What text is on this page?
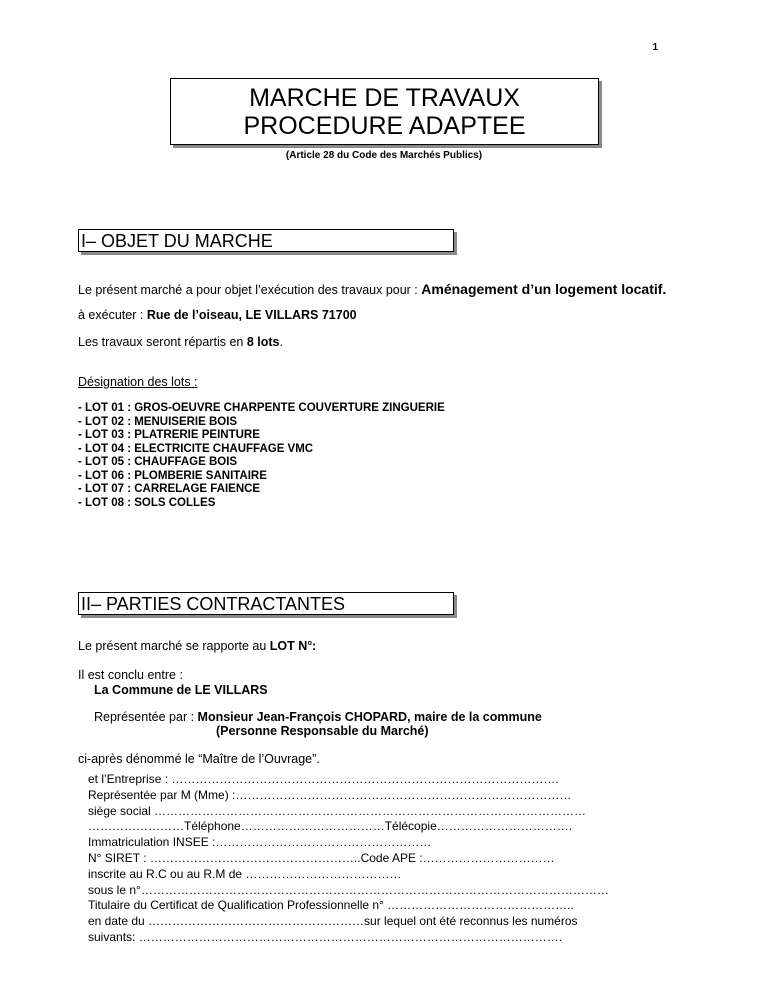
1
MARCHE DE TRAVAUX
PROCEDURE ADAPTEE
(Article 28 du Code des Marchés Publics)
I– OBJET DU MARCHE
Le présent marché a pour objet l’exécution des travaux pour : Aménagement d’un logement locatif.
à exécuter : Rue de l’oiseau, LE VILLARS 71700
Les travaux seront répartis en 8 lots.
Désignation des lots :
- LOT 01 : GROS-OEUVRE CHARPENTE COUVERTURE ZINGUERIE
- LOT 02 : MENUISERIE BOIS
- LOT 03 : PLATRERIE PEINTURE
- LOT 04 : ELECTRICITE CHAUFFAGE VMC
- LOT 05 : CHAUFFAGE BOIS
- LOT 06 : PLOMBERIE SANITAIRE
- LOT 07 : CARRELAGE FAIENCE
- LOT 08 : SOLS COLLES
II– PARTIES CONTRACTANTES
Le présent marché se rapporte au LOT N° :
Il est conclu entre :
La Commune de LE VILLARS
Représentée par : Monsieur Jean-François CHOPARD, maire de la commune
(Personne Responsable du Marché)
ci-après dénommé le “Maître de l’Ouvrage”.
et l’Entreprise : …………………………………………………………………………………….
Représentée par M (Mme) :…………………………………………………………………………
siège social ………………………………………………………………………………………………
……………………Téléphone………………………………Télécopie…………………………….
Immatriculation INSEE :………………………………………………
N° SIRET : ……………………………………………..Code APE :……………………………
inscrite au R.C ou au R.M de …………………………………
sous le n°………………………………………………………………………………………………………
Titulaire du Certificat de Qualification Professionnelle n° ………………………………………..
en date du ………………………………………………sur lequel ont été reconnus les numéros
suivants: …………………………………………………………………………………………….
